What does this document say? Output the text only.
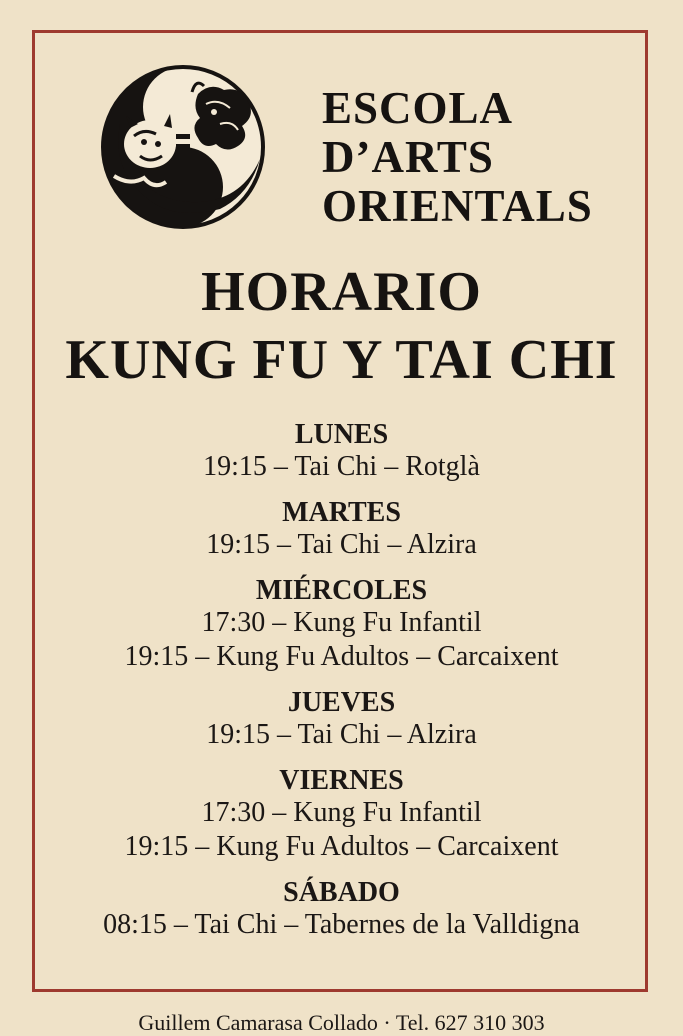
ESCOLA
D’ARTS
ORIENTALS
HORARIO
KUNG FU Y TAI CHI
LUNES
19:15 – Tai Chi – Rotglà
MARTES
19:15 – Tai Chi – Alzira
MIÉRCOLES
17:30 – Kung Fu Infantil
19:15 – Kung Fu Adultos – Carcaixent
JUEVES
19:15 – Tai Chi – Alzira
VIERNES
17:30 – Kung Fu Infantil
19:15 – Kung Fu Adultos – Carcaixent
SÁBADO
08:15 – Tai Chi – Tabernes de la Valldigna
Guillem Camarasa Collado · Tel. 627 310 303
